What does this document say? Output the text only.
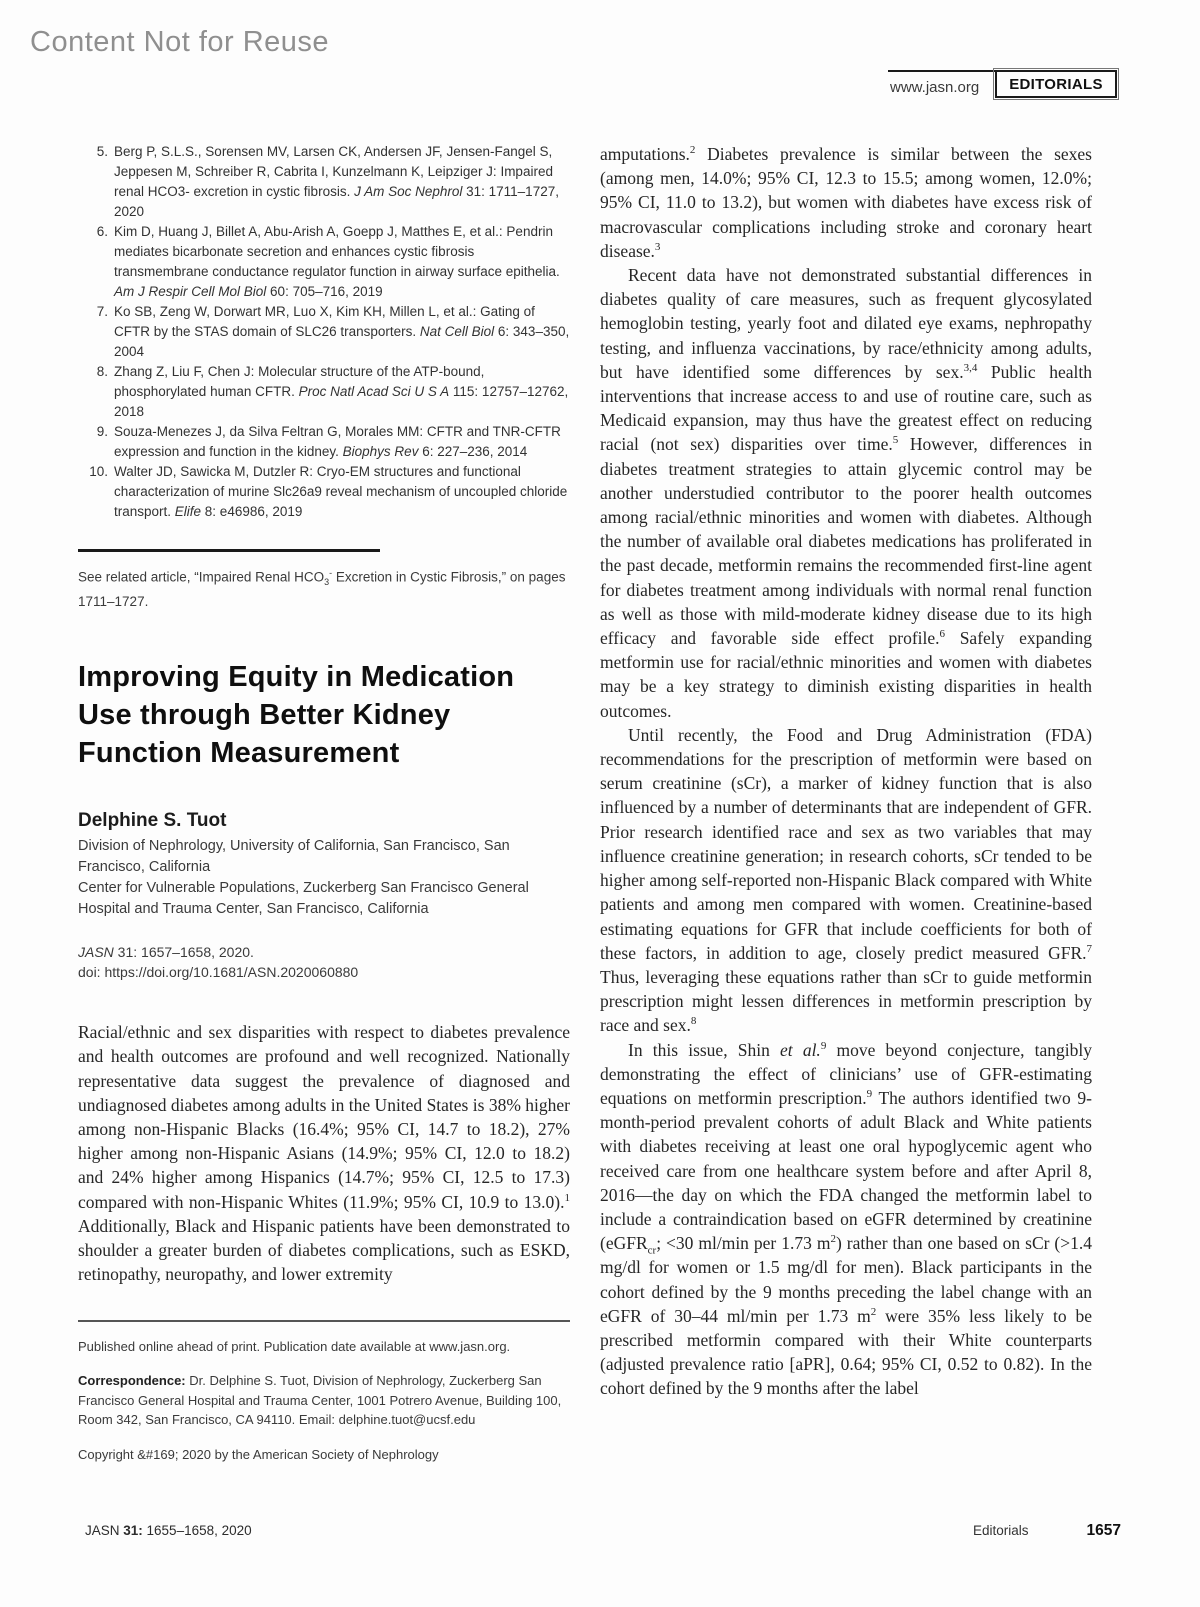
Content Not for Reuse
www.jasn.org	EDITORIALS
5. Berg P, S.L.S., Sorensen MV, Larsen CK, Andersen JF, Jensen-Fangel S, Jeppesen M, Schreiber R, Cabrita I, Kunzelmann K, Leipziger J: Impaired renal HCO3- excretion in cystic fibrosis. J Am Soc Nephrol 31: 1711–1727, 2020
6. Kim D, Huang J, Billet A, Abu-Arish A, Goepp J, Matthes E, et al.: Pendrin mediates bicarbonate secretion and enhances cystic fibrosis transmembrane conductance regulator function in airway surface epithelia. Am J Respir Cell Mol Biol 60: 705–716, 2019
7. Ko SB, Zeng W, Dorwart MR, Luo X, Kim KH, Millen L, et al.: Gating of CFTR by the STAS domain of SLC26 transporters. Nat Cell Biol 6: 343–350, 2004
8. Zhang Z, Liu F, Chen J: Molecular structure of the ATP-bound, phosphorylated human CFTR. Proc Natl Acad Sci U S A 115: 12757–12762, 2018
9. Souza-Menezes J, da Silva Feltran G, Morales MM: CFTR and TNR-CFTR expression and function in the kidney. Biophys Rev 6: 227–236, 2014
10. Walter JD, Sawicka M, Dutzler R: Cryo-EM structures and functional characterization of murine Slc26a9 reveal mechanism of uncoupled chloride transport. Elife 8: e46986, 2019

See related article, “Impaired Renal $HCO_3^-$ Excretion in Cystic Fibrosis,” on pages 1711–1727.

Improving Equity in Medication
Use through Better Kidney
Function Measurement

Delphine S. Tuot

Division of Nephrology, University of California, San Francisco, San Francisco, California

Center for Vulnerable Populations, Zuckerberg San Francisco General Hospital and Trauma Center, San Francisco, California

JASN 31: 1657–1658, 2020.

doi: https://doi.org/10.1681/ASN.2020060880

Racial/ethnic and sex disparities with respect to diabetes prevalence and health outcomes are profound and well recognized. Nationally representative data suggest the prevalence of diagnosed and undiagnosed diabetes among adults in the United States is 38% higher among non-Hispanic Blacks (16.4%; 95% CI, 14.7 to 18.2), 27% higher among non-Hispanic Asians (14.9%; 95% CI, 12.0 to 18.2) and 24% higher among Hispanics (14.7%; 95% CI, 12.5 to 17.3) compared with non-Hispanic Whites (11.9%; 95% CI, 10.9 to 13.0).$^1$ Additionally, Black and Hispanic patients have been demonstrated to shoulder a greater burden of diabetes complications, such as ESKD, retinopathy, neuropathy, and lower extremity

Published online ahead of print. Publication date available at www.jasn.org.

Correspondence: Dr. Delphine S. Tuot, Division of Nephrology, Zuckerberg San Francisco General Hospital and Trauma Center, 1001 Potrero Avenue, Building 100, Room 342, San Francisco, CA 94110. Email: delphine.tuot@ucsf.edu

Copyright &#169; 2020 by the American Society of Nephrology

amputations.$^2$ Diabetes prevalence is similar between the sexes (among men, 14.0%; 95% CI, 12.3 to 15.5; among women, 12.0%; 95% CI, 11.0 to 13.2), but women with diabetes have excess risk of macrovascular complications including stroke and coronary heart disease.$^3$

Recent data have not demonstrated substantial differences in diabetes quality of care measures, such as frequent glycosylated hemoglobin testing, yearly foot and dilated eye exams, nephropathy testing, and influenza vaccinations, by race/ethnicity among adults, but have identified some differences by sex.$^{3,4}$ Public health interventions that increase access to and use of routine care, such as Medicaid expansion, may thus have the greatest effect on reducing racial (not sex) disparities over time.$^5$ However, differences in diabetes treatment strategies to attain glycemic control may be another understudied contributor to the poorer health outcomes among racial/ethnic minorities and women with diabetes. Although the number of available oral diabetes medications has proliferated in the past decade, metformin remains the recommended first-line agent for diabetes treatment among individuals with normal renal function as well as those with mild-moderate kidney disease due to its high efficacy and favorable side effect profile.$^6$ Safely expanding metformin use for racial/ethnic minorities and women with diabetes may be a key strategy to diminish existing disparities in health outcomes.

Until recently, the Food and Drug Administration (FDA) recommendations for the prescription of metformin were based on serum creatinine (sCr), a marker of kidney function that is also influenced by a number of determinants that are independent of GFR. Prior research identified race and sex as two variables that may influence creatinine generation; in research cohorts, sCr tended to be higher among self-reported non-Hispanic Black compared with White patients and among men compared with women. Creatinine-based estimating equations for GFR that include coefficients for both of these factors, in addition to age, closely predict measured GFR.$^7$ Thus, leveraging these equations rather than sCr to guide metformin prescription might lessen differences in metformin prescription by race and sex.$^8$

In this issue, Shin et al.$^9$ move beyond conjecture, tangibly demonstrating the effect of clinicians’ use of GFR-estimating equations on metformin prescription.$^9$ The authors identified two 9-month-period prevalent cohorts of adult Black and White patients with diabetes receiving at least one oral hypoglycemic agent who received care from one healthcare system before and after April 8, 2016—the day on which the FDA changed the metformin label to include a contraindication based on eGFR determined by creatinine (eGFR$_{cr}$; <30 ml/min per 1.73 $m^2$) rather than one based on sCr (>1.4 mg/dl for women or 1.5 mg/dl for men). Black participants in the cohort defined by the 9 months preceding the label change with an eGFR of 30–44 ml/min per 1.73 $m^2$ were 35% less likely to be prescribed metformin compared with their White counterparts (adjusted prevalence ratio [aPR], 0.64; 95% CI, 0.52 to 0.82). In the cohort defined by the 9 months after the label

JASN 31: 1655–1658, 2020	Editorials	1657
